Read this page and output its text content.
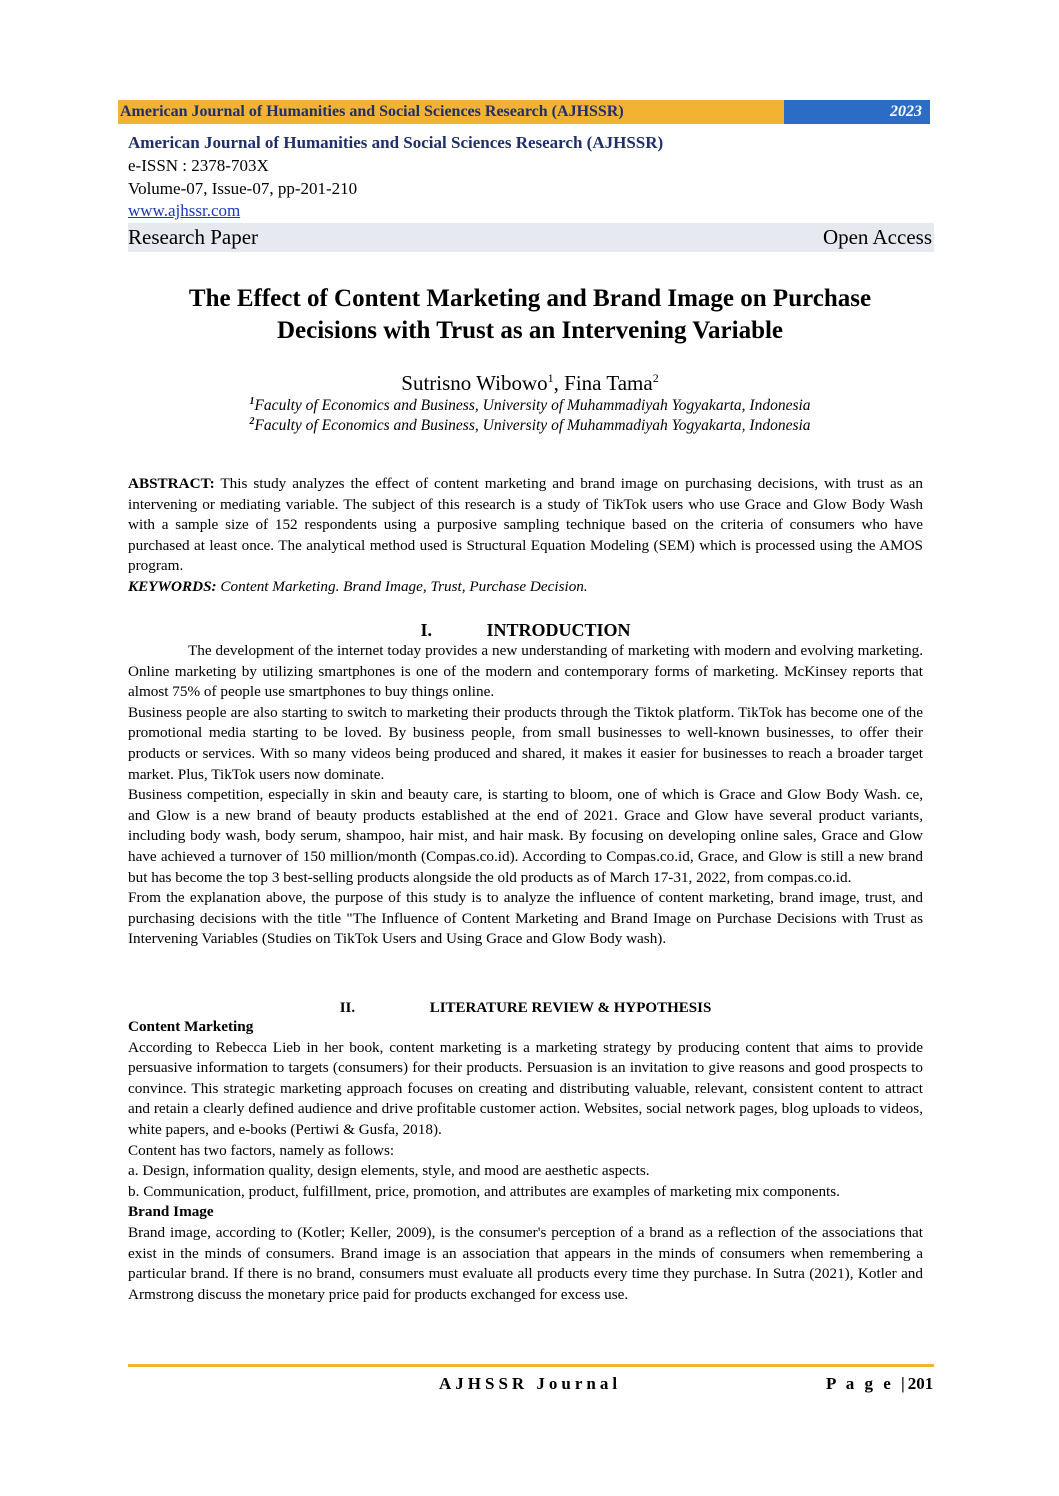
American Journal of Humanities and Social Sciences Research (AJHSSR)	2023
American Journal of Humanities and Social Sciences Research (AJHSSR)
e-ISSN : 2378-703X
Volume-07, Issue-07, pp-201-210
www.ajhssr.com
Research Paper	Open Access
The Effect of Content Marketing and Brand Image on Purchase
Decisions with Trust as an Intervening Variable
Sutrisno Wibowo$^1$, Fina Tama$^2$
$^1$Faculty of Economics and Business, University of Muhammadiyah Yogyakarta, Indonesia
$^2$Faculty of Economics and Business, University of Muhammadiyah Yogyakarta, Indonesia

ABSTRACT: This study analyzes the effect of content marketing and brand image on purchasing decisions, with trust as an intervening or mediating variable. The subject of this research is a study of TikTok users who use Grace and Glow Body Wash with a sample size of 152 respondents using a purposive sampling technique based on the criteria of consumers who have purchased at least once. The analytical method used is Structural Equation Modeling (SEM) which is processed using the AMOS program.

KEYWORDS: Content Marketing. Brand Image, Trust, Purchase Decision.

I.	INTRODUCTION

The development of the internet today provides a new understanding of marketing with modern and evolving marketing. Online marketing by utilizing smartphones is one of the modern and contemporary forms of marketing. McKinsey reports that almost 75% of people use smartphones to buy things online.

Business people are also starting to switch to marketing their products through the Tiktok platform. TikTok has become one of the promotional media starting to be loved. By business people, from small businesses to well-known businesses, to offer their products or services. With so many videos being produced and shared, it makes it easier for businesses to reach a broader target market. Plus, TikTok users now dominate.

Business competition, especially in skin and beauty care, is starting to bloom, one of which is Grace and Glow Body Wash. ce, and Glow is a new brand of beauty products established at the end of 2021. Grace and Glow have several product variants, including body wash, body serum, shampoo, hair mist, and hair mask. By focusing on developing online sales, Grace and Glow have achieved a turnover of 150 million/month (Compas.co.id). According to Compas.co.id, Grace, and Glow is still a new brand but has become the top 3 best-selling products alongside the old products as of March 17-31, 2022, from compas.co.id.

From the explanation above, the purpose of this study is to analyze the influence of content marketing, brand image, trust, and purchasing decisions with the title "The Influence of Content Marketing and Brand Image on Purchase Decisions with Trust as Intervening Variables (Studies on TikTok Users and Using Grace and Glow Body wash).

II.	LITERATURE REVIEW & HYPOTHESIS

Content Marketing

According to Rebecca Lieb in her book, content marketing is a marketing strategy by producing content that aims to provide persuasive information to targets (consumers) for their products. Persuasion is an invitation to give reasons and good prospects to convince. This strategic marketing approach focuses on creating and distributing valuable, relevant, consistent content to attract and retain a clearly defined audience and drive profitable customer action. Websites, social network pages, blog uploads to videos, white papers, and e-books (Pertiwi & Gusfa, 2018).

Content has two factors, namely as follows:

a. Design, information quality, design elements, style, and mood are aesthetic aspects.

b. Communication, product, fulfillment, price, promotion, and attributes are examples of marketing mix components.

Brand Image

Brand image, according to (Kotler; Keller, 2009), is the consumer's perception of a brand as a reflection of the associations that exist in the minds of consumers. Brand image is an association that appears in the minds of consumers when remembering a particular brand. If there is no brand, consumers must evaluate all products every time they purchase. In Sutra (2021), Kotler and Armstrong discuss the monetary price paid for products exchanged for excess use.

AJHSSR Journal	P a g e |201
